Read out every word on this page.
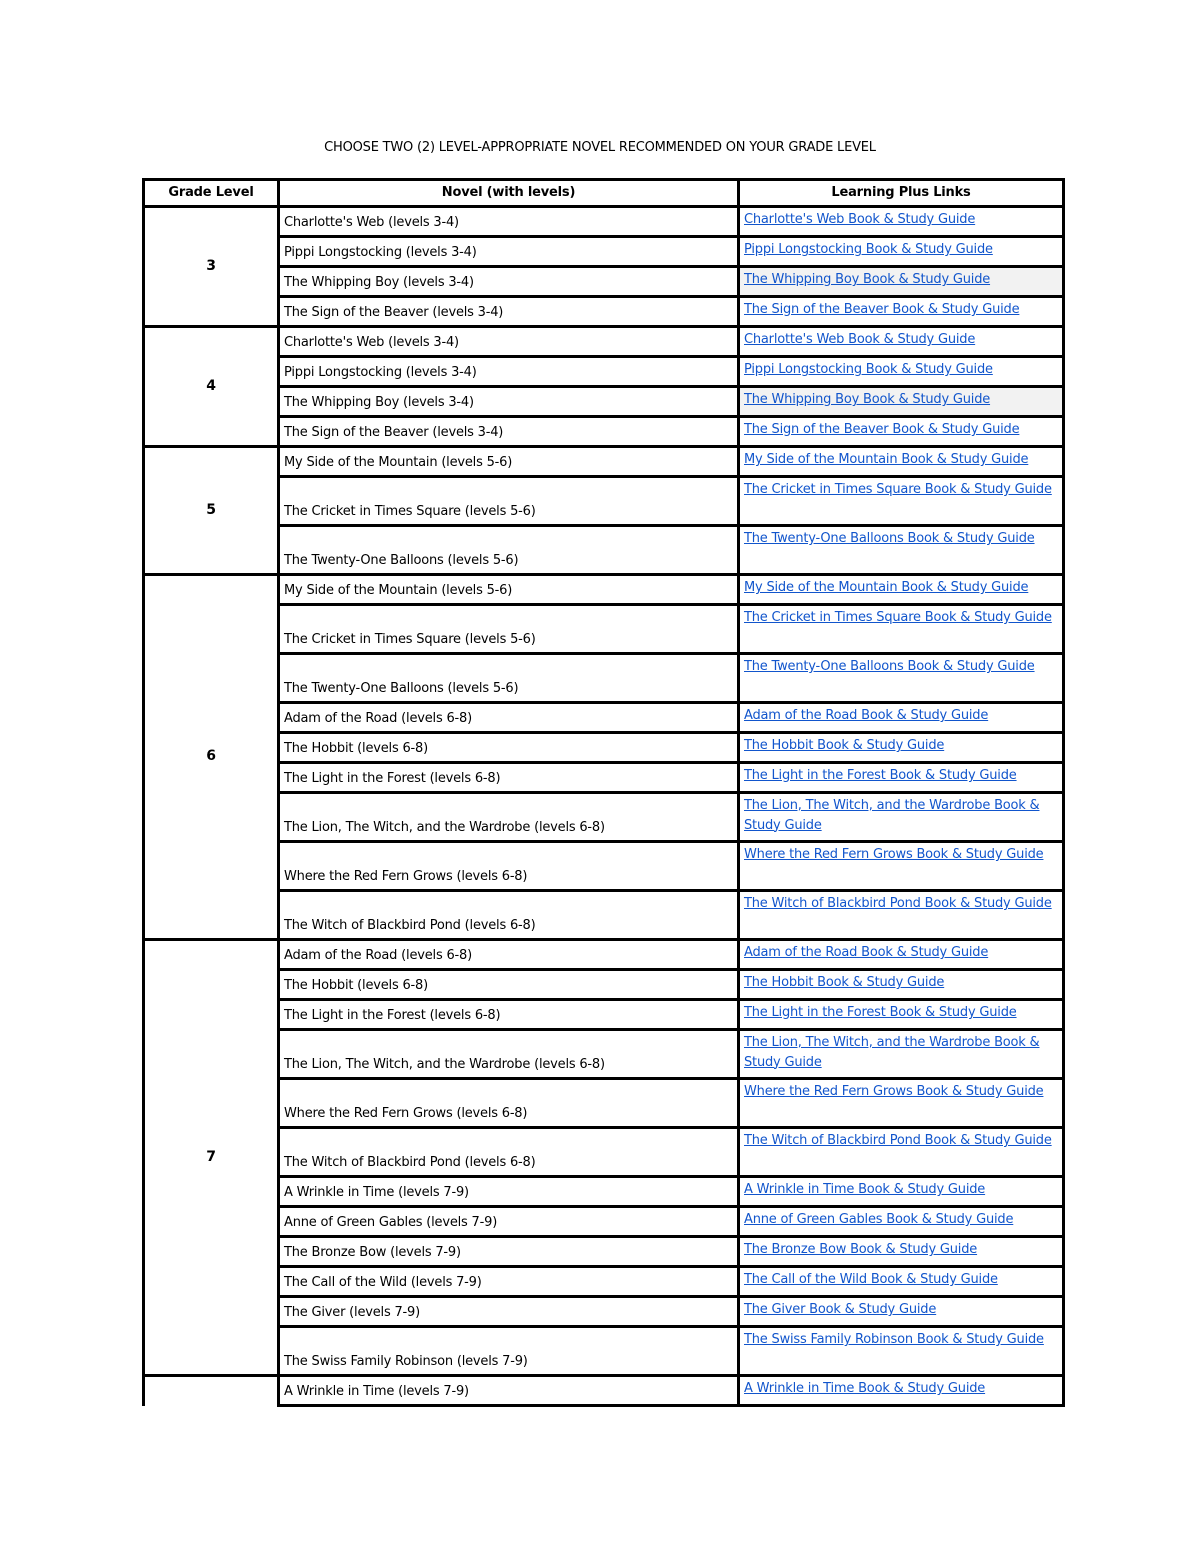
CHOOSE TWO (2) LEVEL-APPROPRIATE NOVEL RECOMMENDED ON YOUR GRADE LEVEL
Grade Level	Novel (with levels)	Learning Plus Links
3	Charlotte's Web (levels 3-4)	Charlotte's Web Book & Study Guide
	Pippi Longstocking (levels 3-4)	Pippi Longstocking Book & Study Guide
	The Whipping Boy (levels 3-4)	The Whipping Boy Book & Study Guide
	The Sign of the Beaver (levels 3-4)	The Sign of the Beaver Book & Study Guide
4	Charlotte's Web (levels 3-4)	Charlotte's Web Book & Study Guide
	Pippi Longstocking (levels 3-4)	Pippi Longstocking Book & Study Guide
	The Whipping Boy (levels 3-4)	The Whipping Boy Book & Study Guide
	The Sign of the Beaver (levels 3-4)	The Sign of the Beaver Book & Study Guide
5	My Side of the Mountain (levels 5-6)	My Side of the Mountain Book & Study Guide
	The Cricket in Times Square (levels 5-6)	The Cricket in Times Square Book & Study Guide
	The Twenty-One Balloons (levels 5-6)	The Twenty-One Balloons Book & Study Guide
6	My Side of the Mountain (levels 5-6)	My Side of the Mountain Book & Study Guide
	The Cricket in Times Square (levels 5-6)	The Cricket in Times Square Book & Study Guide
	The Twenty-One Balloons (levels 5-6)	The Twenty-One Balloons Book & Study Guide
	Adam of the Road (levels 6-8)	Adam of the Road Book & Study Guide
	The Hobbit (levels 6-8)	The Hobbit Book & Study Guide
	The Light in the Forest (levels 6-8)	The Light in the Forest Book & Study Guide
	The Lion, The Witch, and the Wardrobe (levels 6-8)	The Lion, The Witch, and the Wardrobe Book & Study Guide
	Where the Red Fern Grows (levels 6-8)	Where the Red Fern Grows Book & Study Guide
	The Witch of Blackbird Pond (levels 6-8)	The Witch of Blackbird Pond Book & Study Guide
7	Adam of the Road (levels 6-8)	Adam of the Road Book & Study Guide
	The Hobbit (levels 6-8)	The Hobbit Book & Study Guide
	The Light in the Forest (levels 6-8)	The Light in the Forest Book & Study Guide
	The Lion, The Witch, and the Wardrobe (levels 6-8)	The Lion, The Witch, and the Wardrobe Book & Study Guide
	Where the Red Fern Grows (levels 6-8)	Where the Red Fern Grows Book & Study Guide
	The Witch of Blackbird Pond (levels 6-8)	The Witch of Blackbird Pond Book & Study Guide
	A Wrinkle in Time (levels 7-9)	A Wrinkle in Time Book & Study Guide
	Anne of Green Gables (levels 7-9)	Anne of Green Gables Book & Study Guide
	The Bronze Bow (levels 7-9)	The Bronze Bow Book & Study Guide
	The Call of the Wild (levels 7-9)	The Call of the Wild Book & Study Guide
	The Giver (levels 7-9)	The Giver Book & Study Guide
	The Swiss Family Robinson (levels 7-9)	The Swiss Family Robinson Book & Study Guide
	A Wrinkle in Time (levels 7-9)	A Wrinkle in Time Book & Study Guide
